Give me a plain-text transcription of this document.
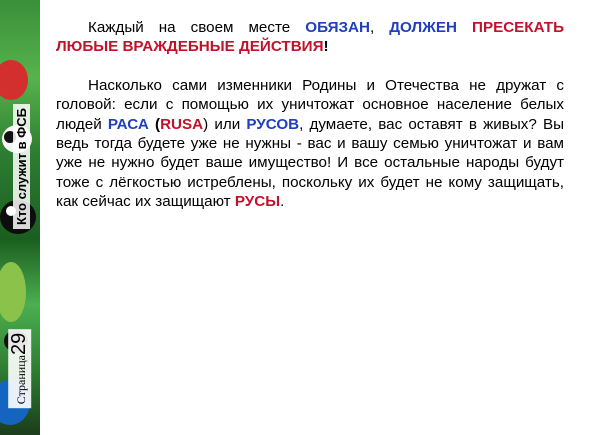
Кто служит в ФСБ
Страница29

Каждый на своем месте ОБЯЗАН, ДОЛЖЕН ПРЕСЕКАТЬ ЛЮБЫЕ ВРАЖДЕБНЫЕ ДЕЙСТВИЯ!

Насколько сами изменники Родины и Отечества не дружат с головой: если с помощью их уничтожат основное население белых людей РАСА (RUSA) или РУСОВ, думаете, вас оставят в живых? Вы ведь тогда будете уже не нужны - вас и вашу семью уничтожат и вам уже не нужно будет ваше имущество! И все остальные народы будут тоже с лёгкостью истреблены, поскольку их будет не кому защищать, как сейчас их защищают РУСЫ.
